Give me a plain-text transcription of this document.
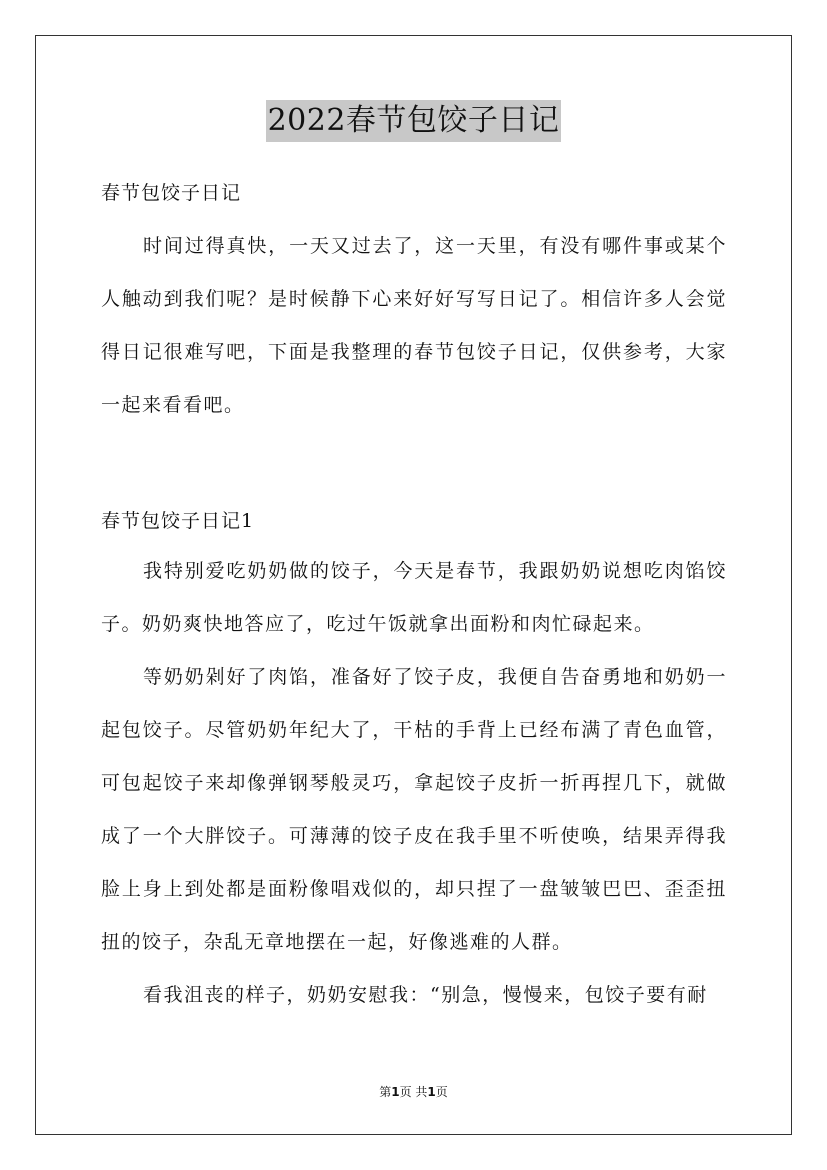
2022春节包饺子日记
春节包饺子日记

时间过得真快，一天又过去了，这一天里，有没有哪件事或某个人触动到我们呢？是时候静下心来好好写写日记了。相信许多人会觉得日记很难写吧，下面是我整理的春节包饺子日记，仅供参考，大家一起来看看吧。

春节包饺子日记1

我特别爱吃奶奶做的饺子，今天是春节，我跟奶奶说想吃肉馅饺子。奶奶爽快地答应了，吃过午饭就拿出面粉和肉忙碌起来。

等奶奶剁好了肉馅，准备好了饺子皮，我便自告奋勇地和奶奶一起包饺子。尽管奶奶年纪大了，干枯的手背上已经布满了青色血管，可包起饺子来却像弹钢琴般灵巧，拿起饺子皮折一折再捏几下，就做成了一个大胖饺子。可薄薄的饺子皮在我手里不听使唤，结果弄得我脸上身上到处都是面粉像唱戏似的，却只捏了一盘皱皱巴巴、歪歪扭扭的饺子，杂乱无章地摆在一起，好像逃难的人群。

看我沮丧的样子，奶奶安慰我：“别急，慢慢来，包饺子要有耐

第1页 共1页
